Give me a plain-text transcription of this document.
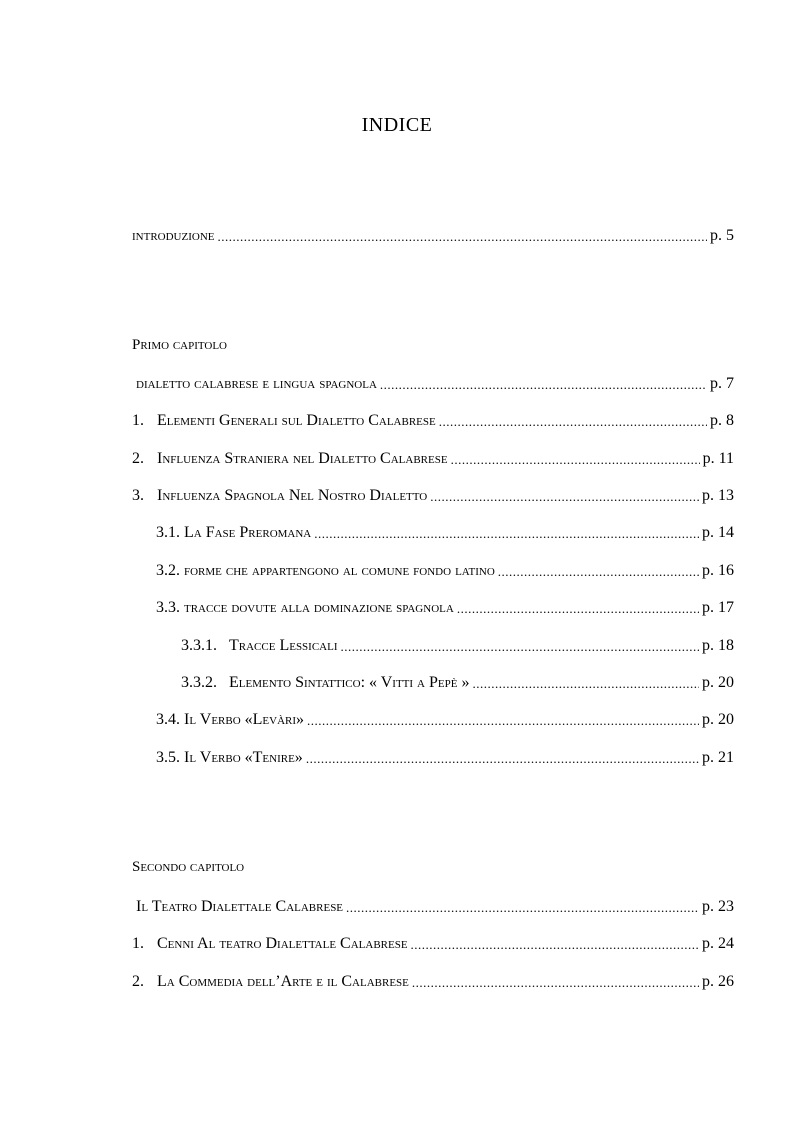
INDICE
introduzione .....	p. 5
Primo capitolo
dialetto calabrese e lingua spagnola .....	p. 7
1. Elementi Generali sul Dialetto Calabrese .....	p. 8
2. Influenza Straniera nel Dialetto Calabrese .....	p. 11
3. Influenza Spagnola Nel Nostro Dialetto .....	p. 13
3.1. La Fase Preromana .....	p. 14
3.2. forme che appartengono al comune fondo latino .....	p. 16
3.3. tracce dovute alla dominazione spagnola .....	p. 17
3.3.1. Tracce Lessicali .....	p. 18
3.3.2. Elemento Sintattico: « Vitti a Pepè » .....	p. 20
3.4. Il Verbo «Levàri» .....	p. 20
3.5. Il Verbo «Tenire» .....	p. 21
Secondo capitolo
Il Teatro Dialettale Calabrese .....	p. 23
1. Cenni Al teatro Dialettale Calabrese .....	p. 24
2. La Commedia dell’Arte e il Calabrese .....	p. 26
